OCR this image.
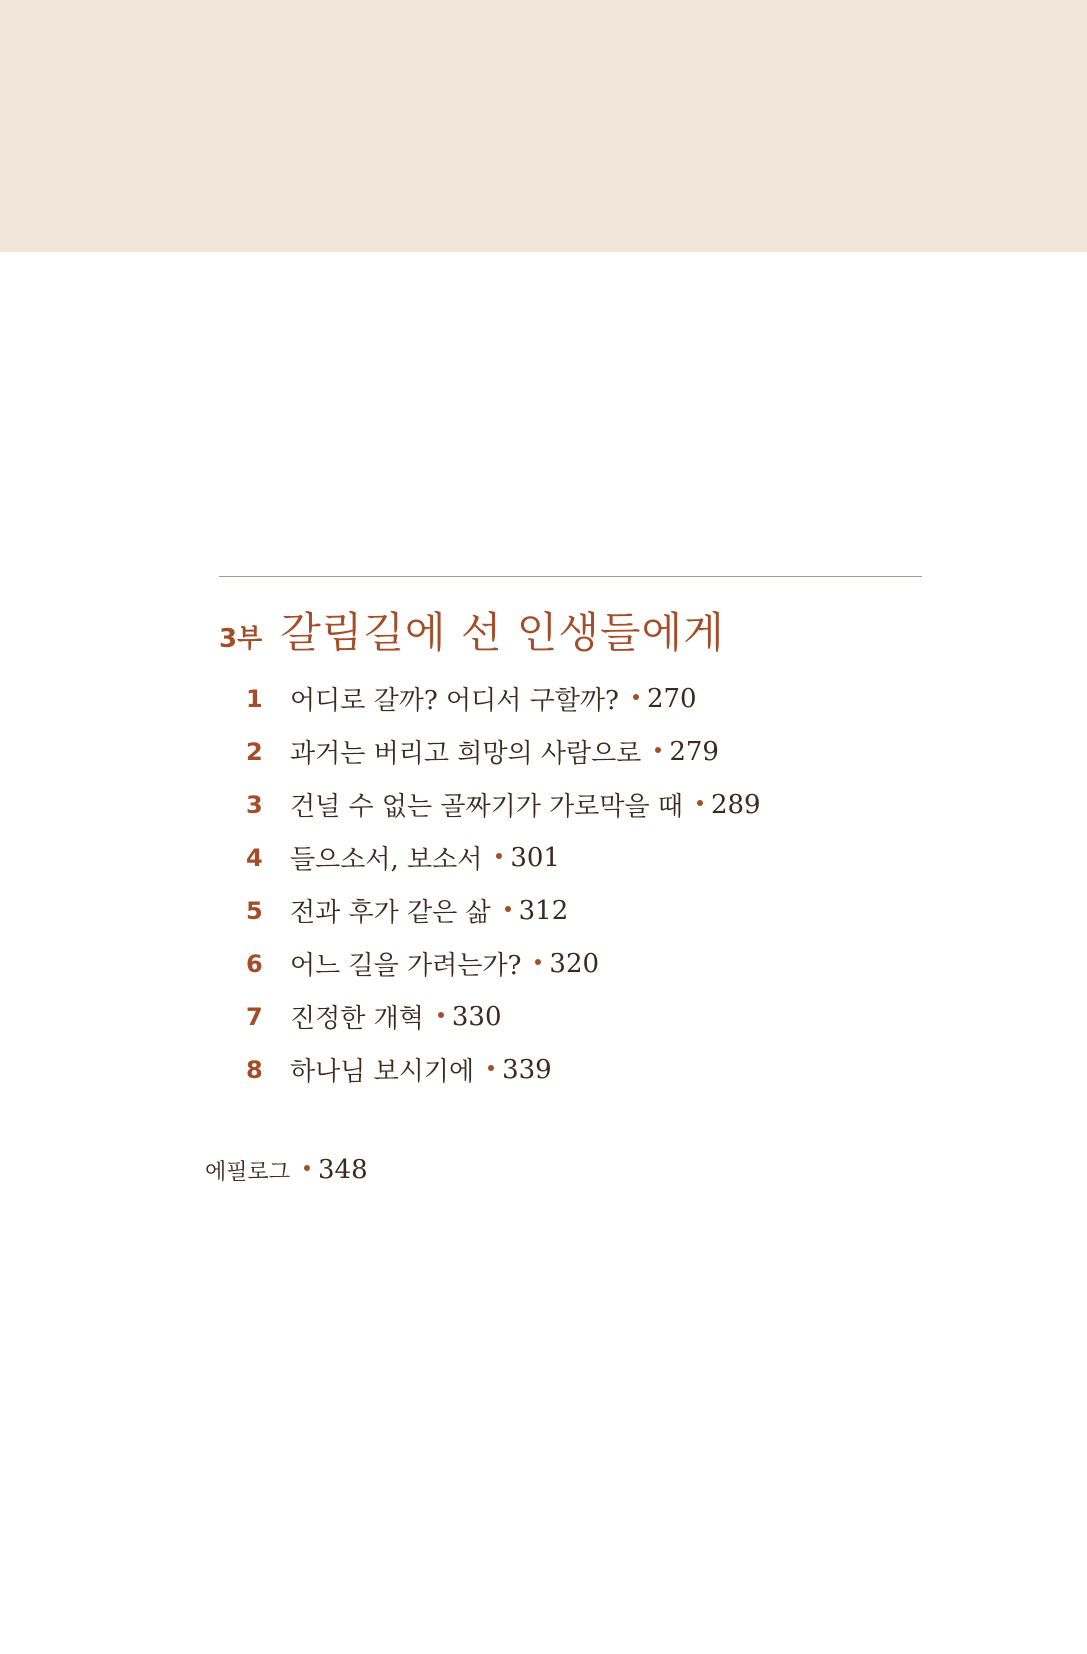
3부 갈림길에 선 인생들에게
1	어디로 갈까? 어디서 구할까? 270
2	과거는 버리고 희망의 사람으로 279
3	건널 수 없는 골짜기가 가로막을 때 289
4	들으소서, 보소서 301
5	전과 후가 같은 삶 312
6	어느 길을 가려는가? 320
7	진정한 개혁 330
8	하나님 보시기에 339
에필로그 348
